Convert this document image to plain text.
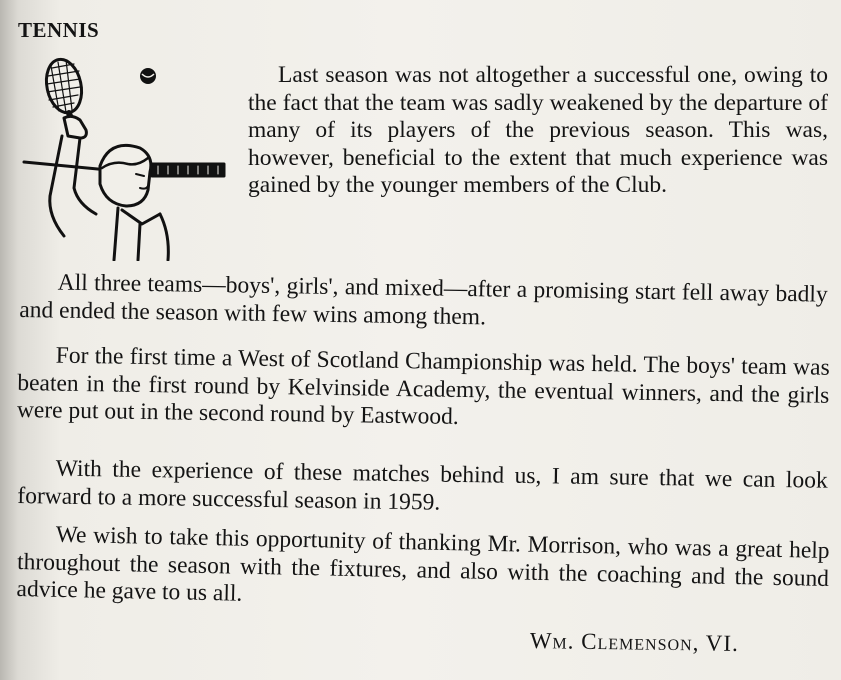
TENNIS

Last season was not altogether a successful one, owing to the fact that the team was sadly weakened by the departure of many of its players of the previous season. This was, however, beneficial to the extent that much experience was gained by the younger members of the Club.

All three teams—boys', girls', and mixed—after a promising start fell away badly and ended the season with few wins among them.

For the first time a West of Scotland Championship was held. The boys' team was beaten in the first round by Kelvinside Academy, the eventual winners, and the girls were put out in the second round by Eastwood.

With the experience of these matches behind us, I am sure that we can look forward to a more successful season in 1959.

We wish to take this opportunity of thanking Mr. Morrison, who was a great help throughout the season with the fixtures, and also with the coaching and the sound advice he gave to us all.

Wm. Clemenson, VI.
